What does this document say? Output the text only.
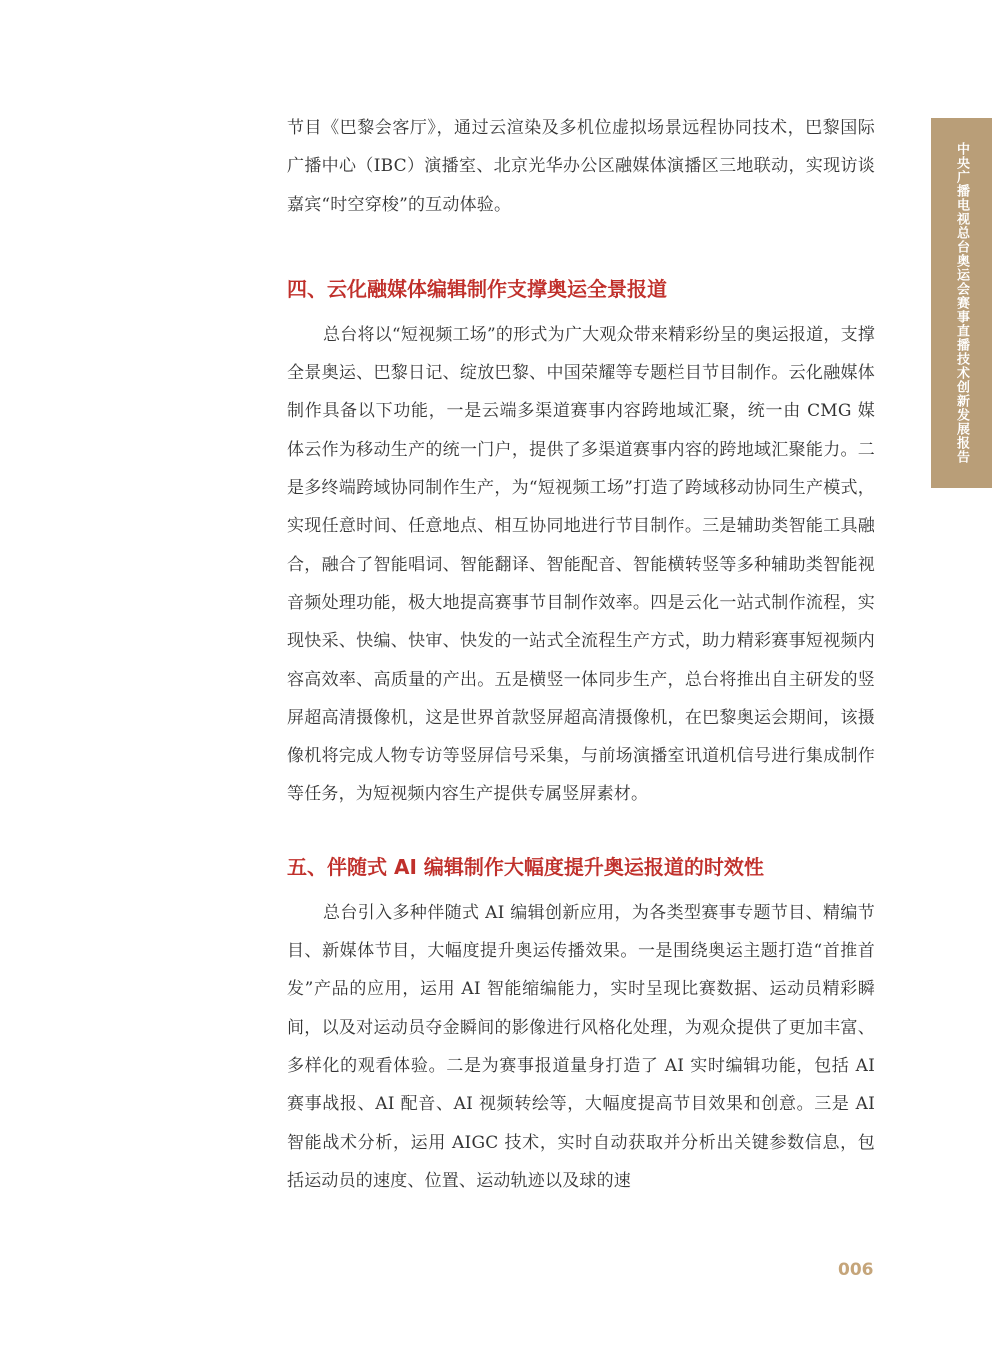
节目《巴黎会客厅》，通过云渲染及多机位虚拟场景远程协同技术，巴黎国际广播中心（IBC）演播室、北京光华办公区融媒体演播区三地联动，实现访谈嘉宾“时空穿梭”的互动体验。

四、云化融媒体编辑制作支撑奥运全景报道

总台将以“短视频工场”的形式为广大观众带来精彩纷呈的奥运报道，支撑全景奥运、巴黎日记、绽放巴黎、中国荣耀等专题栏目节目制作。云化融媒体制作具备以下功能，一是云端多渠道赛事内容跨地域汇聚，统一由 CMG 媒体云作为移动生产的统一门户，提供了多渠道赛事内容的跨地域汇聚能力。二是多终端跨域协同制作生产，为“短视频工场”打造了跨域移动协同生产模式，实现任意时间、任意地点、相互协同地进行节目制作。三是辅助类智能工具融合，融合了智能唱词、智能翻译、智能配音、智能横转竖等多种辅助类智能视音频处理功能，极大地提高赛事节目制作效率。四是云化一站式制作流程，实现快采、快编、快审、快发的一站式全流程生产方式，助力精彩赛事短视频内容高效率、高质量的产出。五是横竖一体同步生产，总台将推出自主研发的竖屏超高清摄像机，这是世界首款竖屏超高清摄像机，在巴黎奥运会期间，该摄像机将完成人物专访等竖屏信号采集，与前场演播室讯道机信号进行集成制作等任务，为短视频内容生产提供专属竖屏素材。

五、伴随式 AI 编辑制作大幅度提升奥运报道的时效性

总台引入多种伴随式 AI 编辑创新应用，为各类型赛事专题节目、精编节目、新媒体节目，大幅度提升奥运传播效果。一是围绕奥运主题打造“首推首发”产品的应用，运用 AI 智能缩编能力，实时呈现比赛数据、运动员精彩瞬间，以及对运动员夺金瞬间的影像进行风格化处理，为观众提供了更加丰富、多样化的观看体验。二是为赛事报道量身打造了 AI 实时编辑功能，包括 AI 赛事战报、AI 配音、AI 视频转绘等，大幅度提高节目效果和创意。三是 AI 智能战术分析，运用 AIGC 技术，实时自动获取并分析出关键参数信息，包括运动员的速度、位置、运动轨迹以及球的速

中央广播电视总台奥运会赛事直播技术创新发展报告
006
